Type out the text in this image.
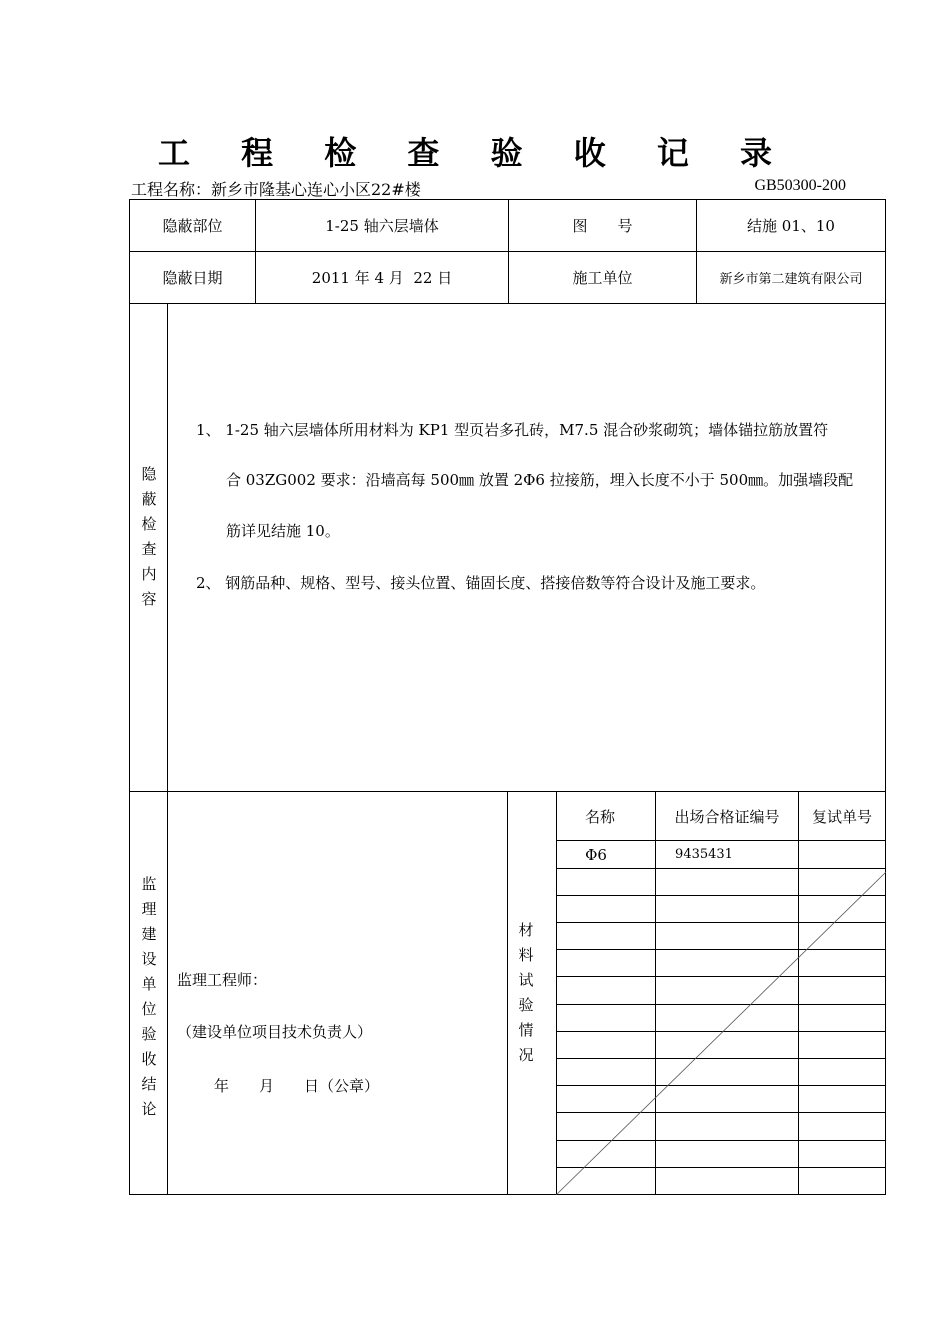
工 程 检 查 验 收 记 录
工程名称：新乡市隆基心连心小区22#楼	GB50300-200
隐蔽部位	1-25 轴六层墙体	图　　号	结施 01、10
隐蔽日期	2011 年 4 月  22 日	施工单位	新乡市第二建筑有限公司
隐蔽检查内容
1、 1-25 轴六层墙体所用材料为 KP1 型页岩多孔砖，M7.5 混合砂浆砌筑；墙体锚拉筋放置符
合 03ZG002 要求：沿墙高每 500㎜ 放置 2Φ6 拉接筋，埋入长度不小于 500㎜。加强墙段配
筋详见结施 10。
2、 钢筋品种、规格、型号、接头位置、锚固长度、搭接倍数等符合设计及施工要求。
监理建设单位验收结论
监理工程师：
（建设单位项目技术负责人）
年　　月　　日（公章）
材料试验情况
名称	出场合格证编号	复试单号
Φ6	9435431
